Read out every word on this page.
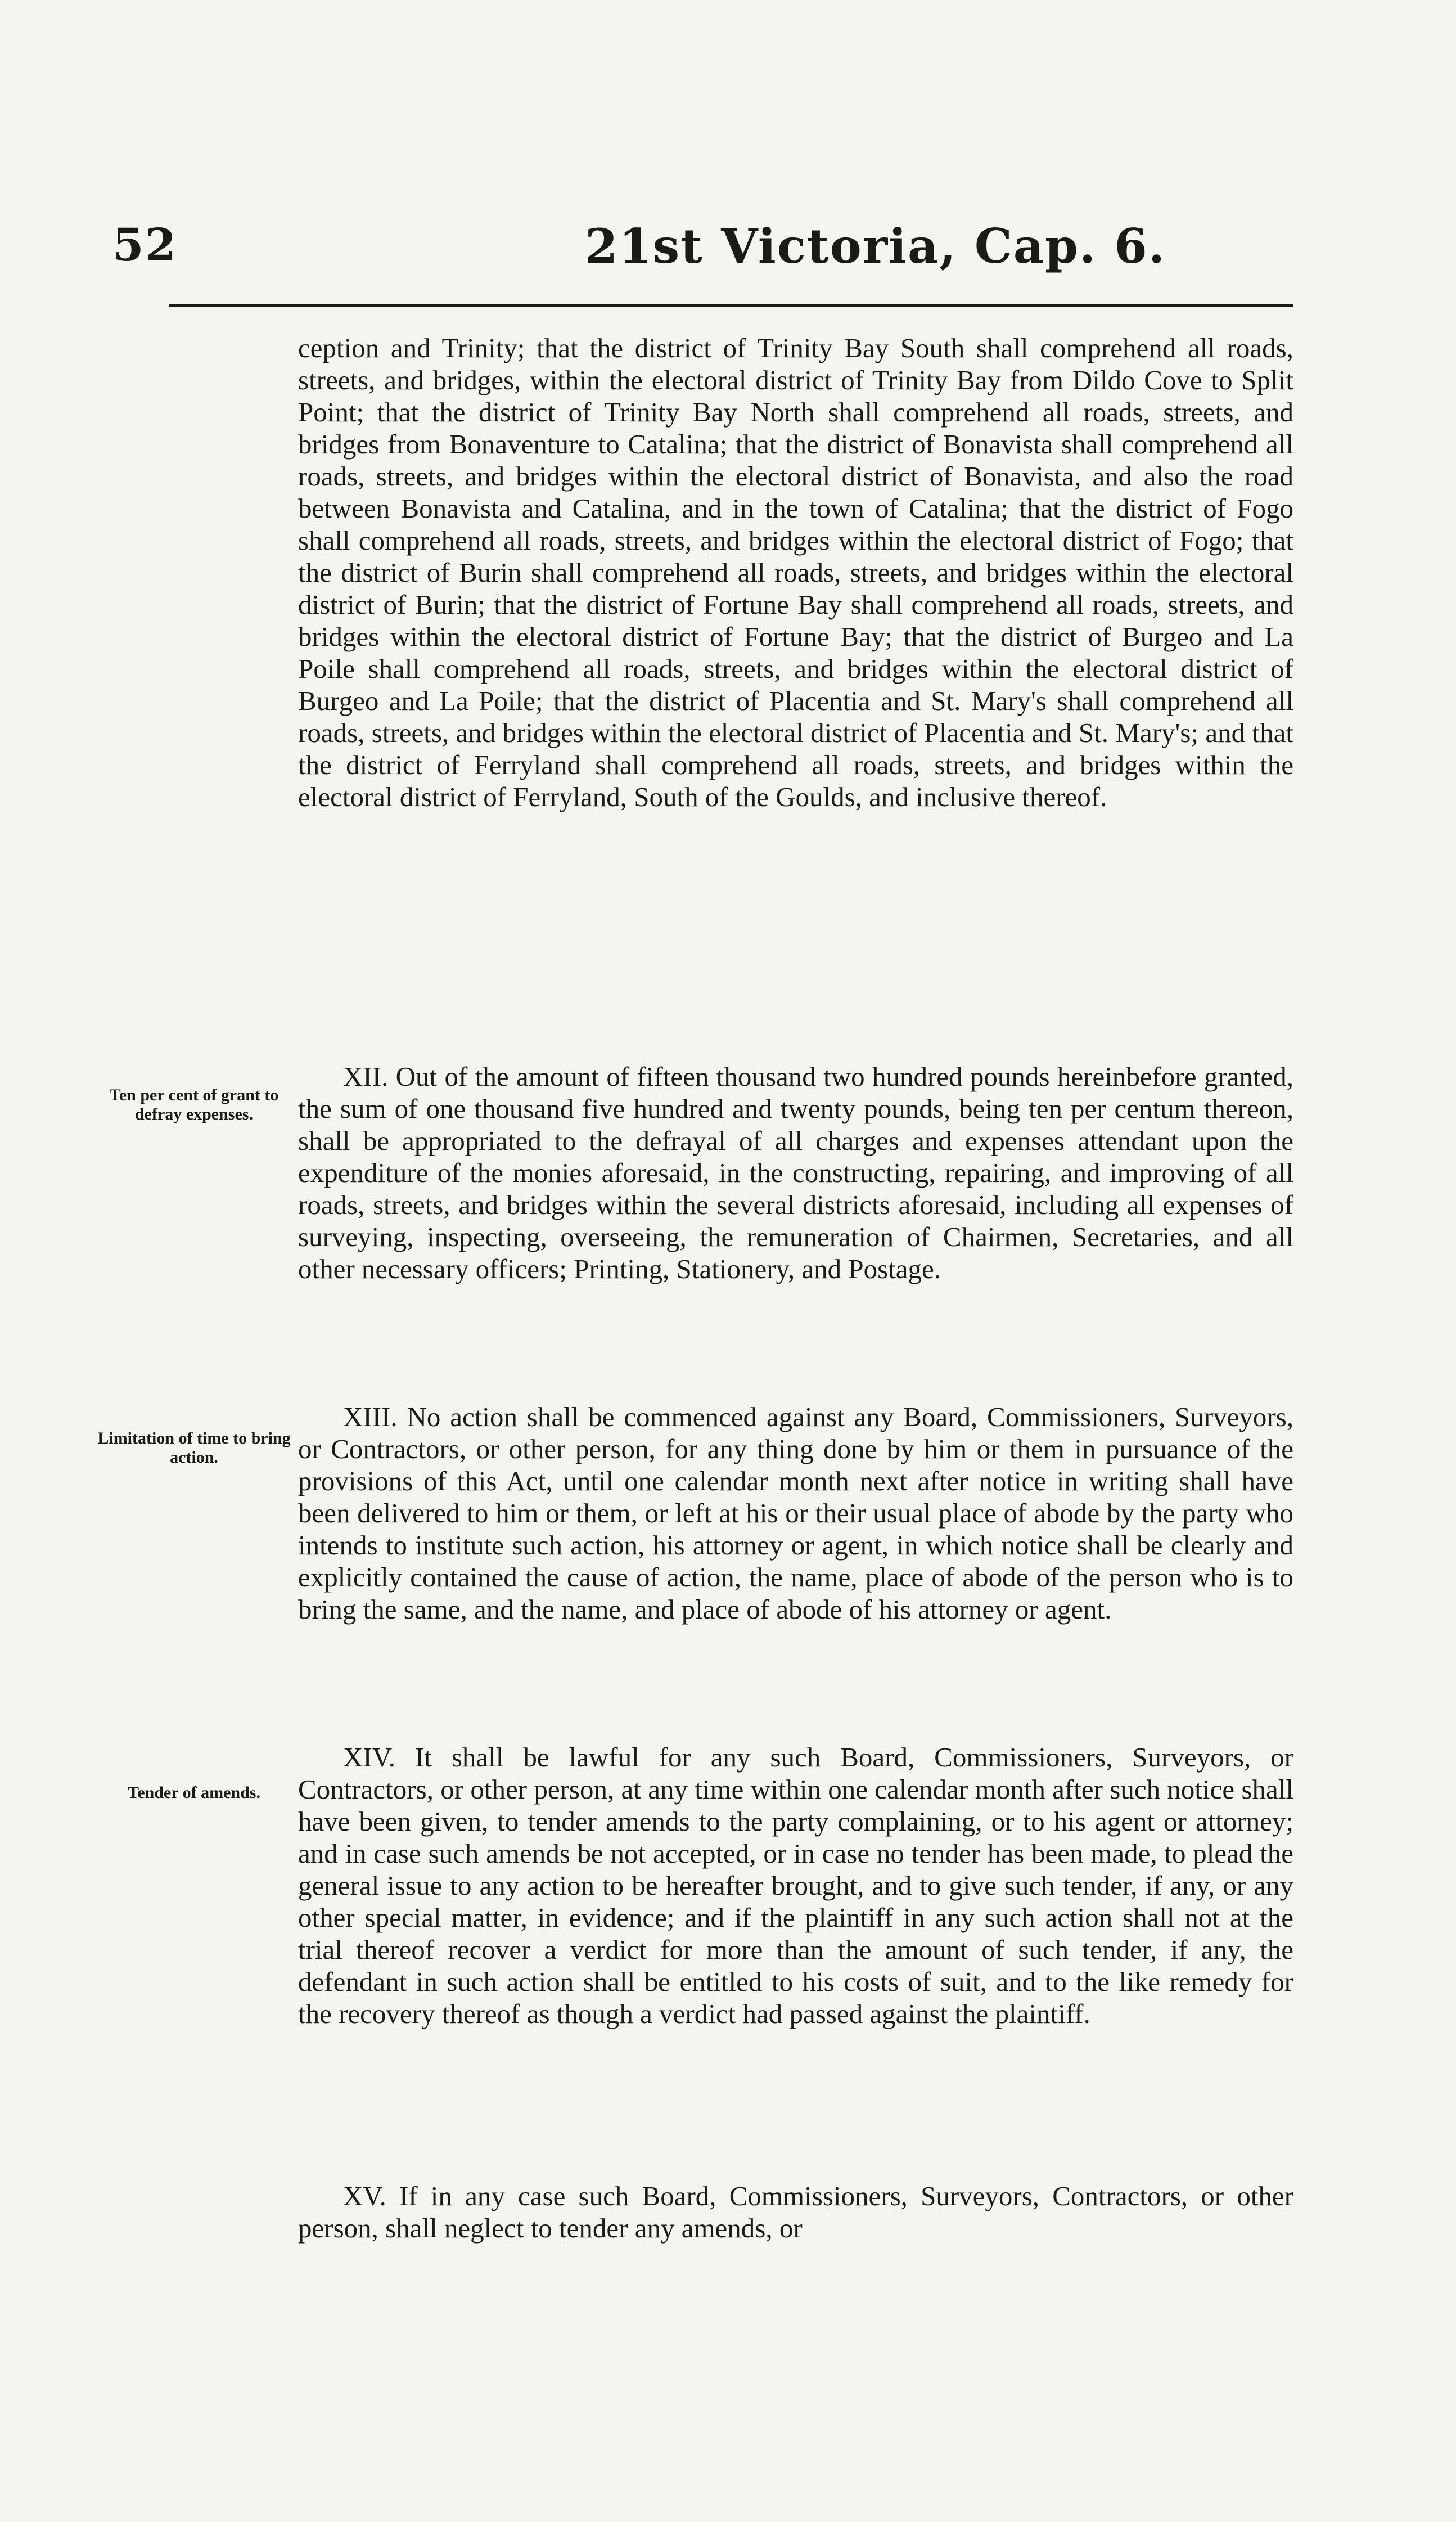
52	21st Victoria, Cap. 6.

ception and Trinity; that the district of Trinity Bay South shall comprehend all roads, streets, and bridges, within the electoral district of Trinity Bay from Dildo Cove to Split Point; that the district of Trinity Bay North shall comprehend all roads, streets, and bridges from Bonaventure to Catalina; that the district of Bonavista shall comprehend all roads, streets, and bridges within the electoral district of Bonavista, and also the road between Bonavista and Catalina, and in the town of Catalina; that the district of Fogo shall comprehend all roads, streets, and bridges within the electoral district of Fogo; that the district of Burin shall comprehend all roads, streets, and bridges within the electoral district of Burin; that the district of Fortune Bay shall comprehend all roads, streets, and bridges within the electoral district of Fortune Bay; that the district of Burgeo and La Poile shall comprehend all roads, streets, and bridges within the electoral district of Burgeo and La Poile; that the district of Placentia and St. Mary's shall comprehend all roads, streets, and bridges within the electoral district of Placentia and St. Mary's; and that the district of Ferryland shall comprehend all roads, streets, and bridges within the electoral district of Ferryland, South of the Goulds, and inclusive thereof.

Ten per cent of grant to defray expenses.

XII. Out of the amount of fifteen thousand two hundred pounds hereinbefore granted, the sum of one thousand five hundred and twenty pounds, being ten per centum thereon, shall be appropriated to the defrayal of all charges and expenses attendant upon the expenditure of the monies aforesaid, in the constructing, repairing, and improving of all roads, streets, and bridges within the several districts aforesaid, including all expenses of surveying, inspecting, overseeing, the remuneration of Chairmen, Secretaries, and all other necessary officers; Printing, Stationery, and Postage.

Limitation of time to bring action.

XIII. No action shall be commenced against any Board, Commissioners, Surveyors, or Contractors, or other person, for any thing done by him or them in pursuance of the provisions of this Act, until one calendar month next after notice in writing shall have been delivered to him or them, or left at his or their usual place of abode by the party who intends to institute such action, his attorney or agent, in which notice shall be clearly and explicitly contained the cause of action, the name, place of abode of the person who is to bring the same, and the name, and place of abode of his attorney or agent.

Tender of amends.

XIV. It shall be lawful for any such Board, Commissioners, Surveyors, or Contractors, or other person, at any time within one calendar month after such notice shall have been given, to tender amends to the party complaining, or to his agent or attorney; and in case such amends be not accepted, or in case no tender has been made, to plead the general issue to any action to be hereafter brought, and to give such tender, if any, or any other special matter, in evidence; and if the plaintiff in any such action shall not at the trial thereof recover a verdict for more than the amount of such tender, if any, the defendant in such action shall be entitled to his costs of suit, and to the like remedy for the recovery thereof as though a verdict had passed against the plaintiff.

XV. If in any case such Board, Commissioners, Surveyors, Contractors, or other person, shall neglect to tender any amends, or
